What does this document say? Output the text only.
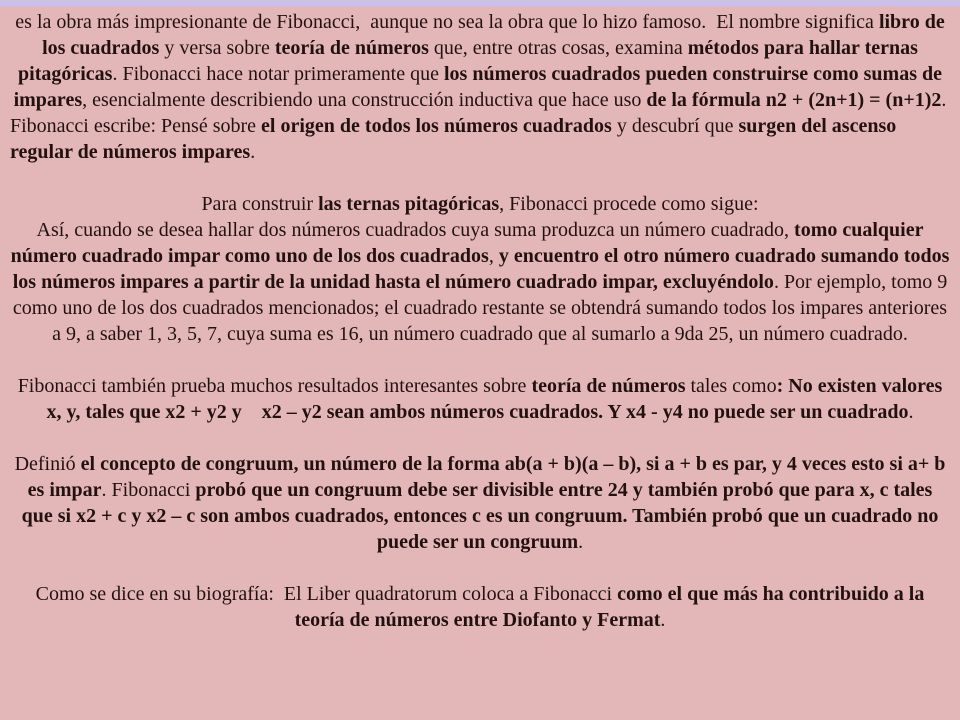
es la obra más impresionante de Fibonacci,  aunque no sea la obra que lo hizo famoso.  El nombre significa libro de los cuadrados y versa sobre teoría de números que, entre otras cosas, examina métodos para hallar ternas pitagóricas. Fibonacci hace notar primeramente que los números cuadrados pueden construirse como sumas de impares, esencialmente describiendo una construcción inductiva que hace uso de la fórmula n2 + (2n+1) = (n+1)2.

Fibonacci escribe: Pensé sobre el origen de todos los números cuadrados y descubrí que surgen del ascenso regular de números impares.

Para construir las ternas pitagóricas, Fibonacci procede como sigue:

Así, cuando se desea hallar dos números cuadrados cuya suma produzca un número cuadrado, tomo cualquier número cuadrado impar como uno de los dos cuadrados, y encuentro el otro número cuadrado sumando todos los números impares a partir de la unidad hasta el número cuadrado impar, excluyéndolo. Por ejemplo, tomo 9 como uno de los dos cuadrados mencionados; el cuadrado restante se obtendrá sumando todos los impares anteriores a 9, a saber 1, 3, 5, 7, cuya suma es 16, un número cuadrado que al sumarlo a 9da 25, un número cuadrado.

Fibonacci también prueba muchos resultados interesantes sobre teoría de números tales como: No existen valores x, y, tales que x2 + y2 y    x2 – y2 sean ambos números cuadrados. Y x4 - y4 no puede ser un cuadrado.

Definió el concepto de congruum, un número de la forma ab(a + b)(a – b), si a + b es par, y 4 veces esto si a+ b es impar. Fibonacci probó que un congruum debe ser divisible entre 24 y también probó que para x, c tales que si x2 + c y x2 – c son ambos cuadrados, entonces c es un congruum. También probó que un cuadrado no puede ser un congruum.

Como se dice en su biografía:  El Liber quadratorum coloca a Fibonacci como el que más ha contribuido a la teoría de números entre Diofanto y Fermat.
